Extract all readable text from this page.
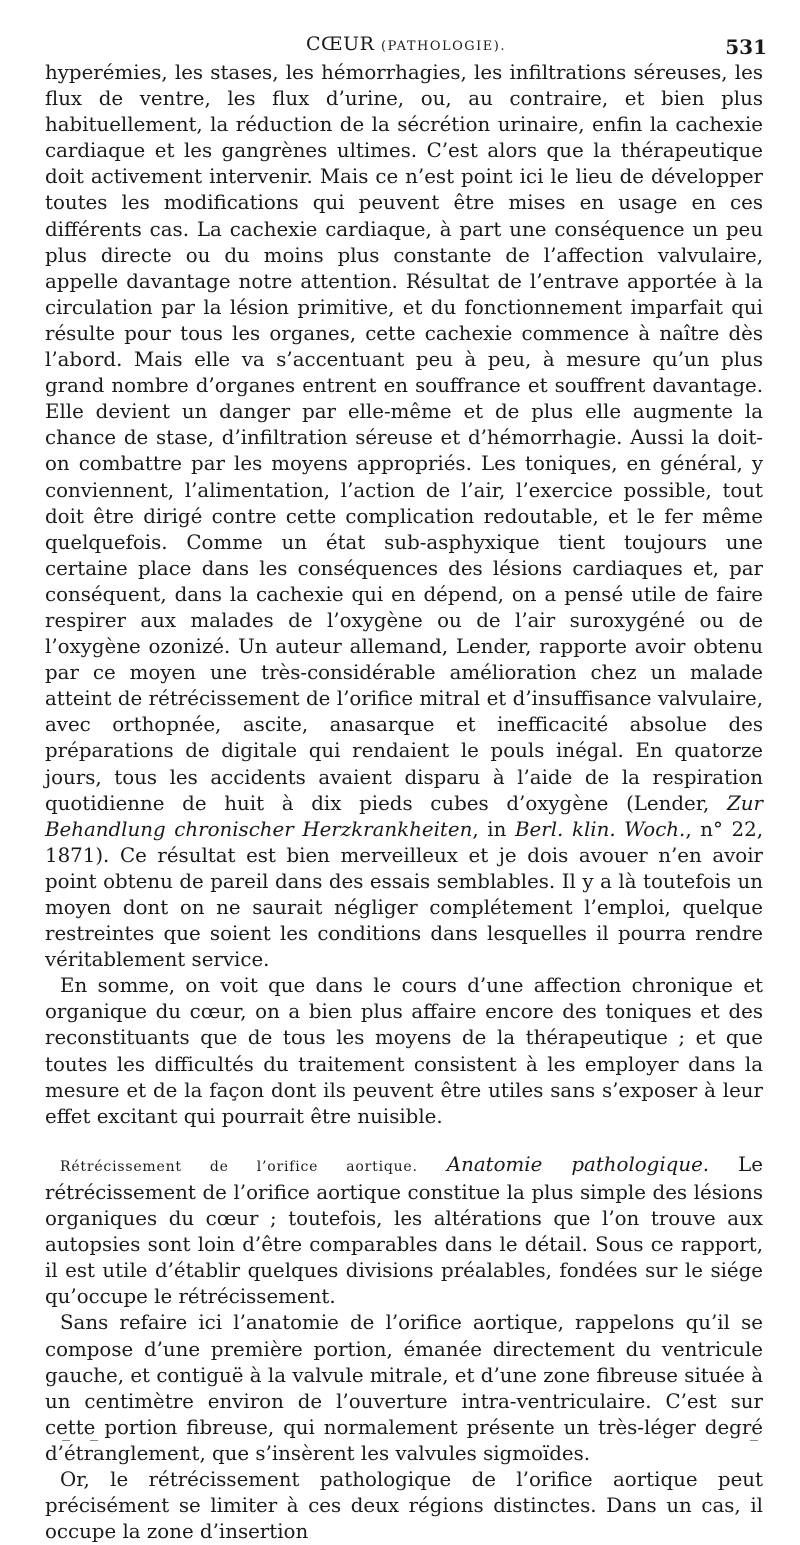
CŒUR (PATHOLOGIE).	531

hyperémies, les stases, les hémorrhagies, les infiltrations séreuses, les flux de ventre, les flux d’urine, ou, au contraire, et bien plus habituellement, la réduction de la sécrétion urinaire, enfin la cachexie cardiaque et les gangrènes ultimes. C’est alors que la thérapeutique doit activement intervenir. Mais ce n’est point ici le lieu de développer toutes les modifications qui peuvent être mises en usage en ces différents cas. La cachexie cardiaque, à part une conséquence un peu plus directe ou du moins plus constante de l’affection valvulaire, appelle davantage notre attention. Résultat de l’entrave apportée à la circulation par la lésion primitive, et du fonctionnement imparfait qui résulte pour tous les organes, cette cachexie commence à naître dès l’abord. Mais elle va s’accentuant peu à peu, à mesure qu’un plus grand nombre d’organes entrent en souffrance et souffrent davantage. Elle devient un danger par elle-même et de plus elle augmente la chance de stase, d’infiltration séreuse et d’hémorrhagie. Aussi la doit-on combattre par les moyens appropriés. Les toniques, en général, y conviennent, l’alimentation, l’action de l’air, l’exercice possible, tout doit être dirigé contre cette complication redoutable, et le fer même quelquefois. Comme un état sub-asphyxique tient toujours une certaine place dans les conséquences des lésions cardiaques et, par conséquent, dans la cachexie qui en dépend, on a pensé utile de faire respirer aux malades de l’oxygène ou de l’air suroxygéné ou de l’oxygène ozonizé. Un auteur allemand, Lender, rapporte avoir obtenu par ce moyen une très-considérable amélioration chez un malade atteint de rétrécissement de l’orifice mitral et d’insuffisance valvulaire, avec orthopnée, ascite, anasarque et inefficacité absolue des préparations de digitale qui rendaient le pouls inégal. En quatorze jours, tous les accidents avaient disparu à l’aide de la respiration quotidienne de huit à dix pieds cubes d’oxygène (Lender, Zur Behandlung chronischer Herzkrankheiten, in Berl. klin. Woch., n° 22, 1871). Ce résultat est bien merveilleux et je dois avouer n’en avoir point obtenu de pareil dans des essais semblables. Il y a là toutefois un moyen dont on ne saurait négliger complétement l’emploi, quelque restreintes que soient les conditions dans lesquelles il pourra rendre véritablement service.

En somme, on voit que dans le cours d’une affection chronique et organique du cœur, on a bien plus affaire encore des toniques et des reconstituants que de tous les moyens de la thérapeutique ; et que toutes les difficultés du traitement consistent à les employer dans la mesure et de la façon dont ils peuvent être utiles sans s’exposer à leur effet excitant qui pourrait être nuisible.

Rétrécissement de l’orifice aortique. Anatomie pathologique. Le rétrécissement de l’orifice aortique constitue la plus simple des lésions organiques du cœur ; toutefois, les altérations que l’on trouve aux autopsies sont loin d’être comparables dans le détail. Sous ce rapport, il est utile d’établir quelques divisions préalables, fondées sur le siége qu’occupe le rétrécissement.

Sans refaire ici l’anatomie de l’orifice aortique, rappelons qu’il se compose d’une première portion, émanée directement du ventricule gauche, et contiguë à la valvule mitrale, et d’une zone fibreuse située à un centimètre environ de l’ouverture intra-ventriculaire. C’est sur cette portion fibreuse, qui normalement présente un très-léger degré d’étranglement, que s’insèrent les valvules sigmoïdes.

Or, le rétrécissement pathologique de l’orifice aortique peut précisément se limiter à ces deux régions distinctes. Dans un cas, il occupe la zone d’insertion
